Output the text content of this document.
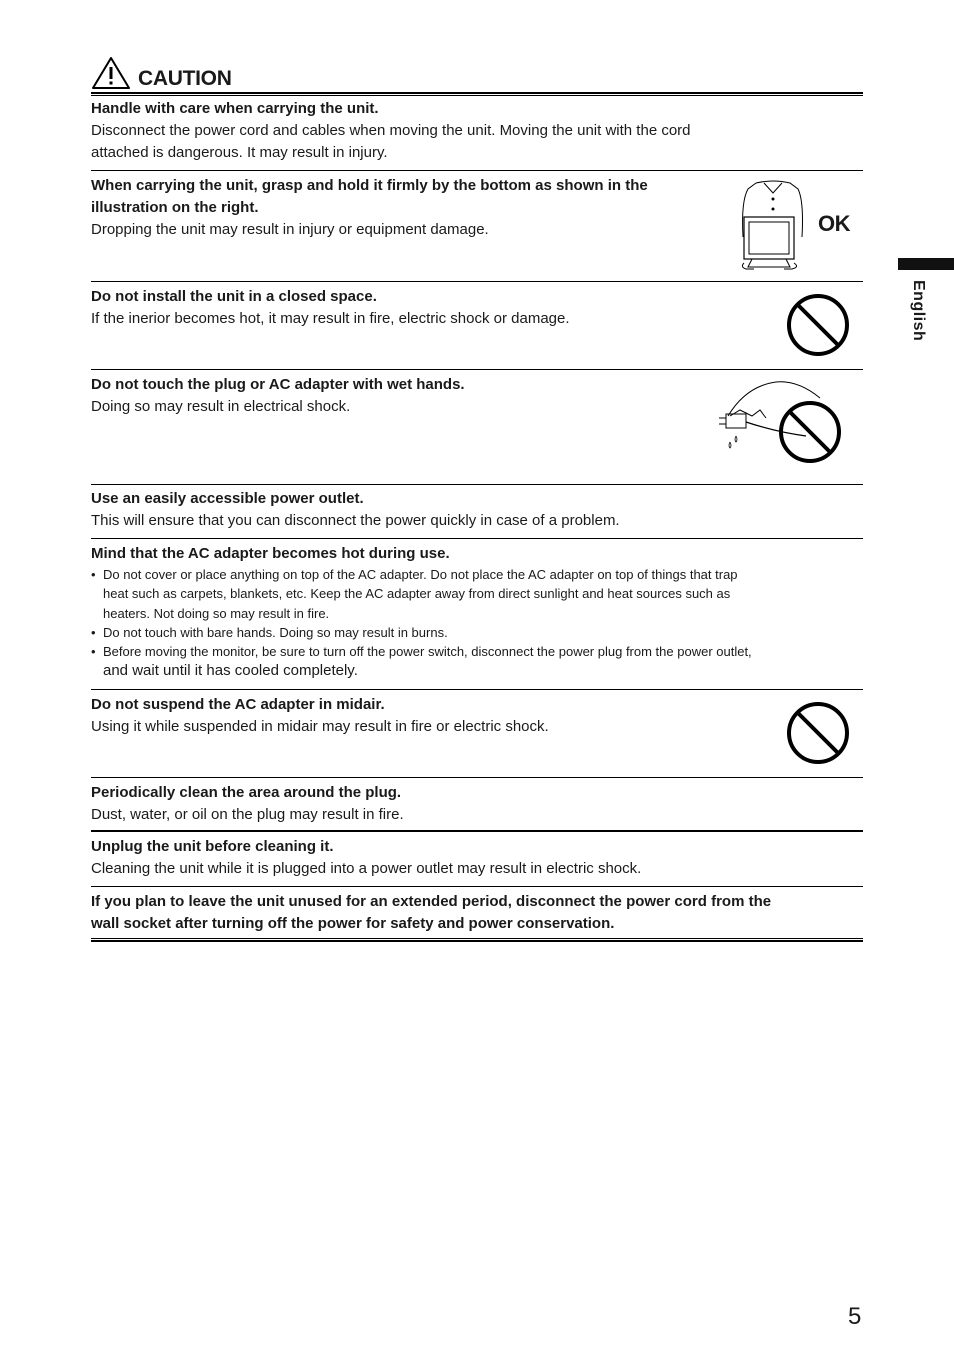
CAUTION
Handle with care when carrying the unit.
Disconnect the power cord and cables when moving the unit. Moving the unit with the cord attached is dangerous. It may result in injury.
When carrying the unit, grasp and hold it firmly by the bottom as shown in the illustration on the right.
Dropping the unit may result in injury or equipment damage.	OK
Do not install the unit in a closed space.
If the inerior becomes hot, it may result in fire, electric shock or damage.
Do not touch the plug or AC adapter with wet hands.
Doing so may result in electrical shock.
Use an easily accessible power outlet.
This will ensure that you can disconnect the power quickly in case of a problem.
Mind that the AC adapter becomes hot during use.
• Do not cover or place anything on top of the AC adapter. Do not place the AC adapter on top of things that trap heat such as carpets, blankets, etc. Keep the AC adapter away from direct sunlight and heat sources such as heaters. Not doing so may result in fire.
• Do not touch with bare hands. Doing so may result in burns.
• Before moving the monitor, be sure to turn off the power switch, disconnect the power plug from the power outlet, and wait until it has cooled completely.
Do not suspend the AC adapter in midair.
Using it while suspended in midair may result in fire or electric shock.
Periodically clean the area around the plug.
Dust, water, or oil on the plug may result in fire.
Unplug the unit before cleaning it.
Cleaning the unit while it is plugged into a power outlet may result in electric shock.
If you plan to leave the unit unused for an extended period, disconnect the power cord from the wall socket after turning off the power for safety and power conservation.
English
5
